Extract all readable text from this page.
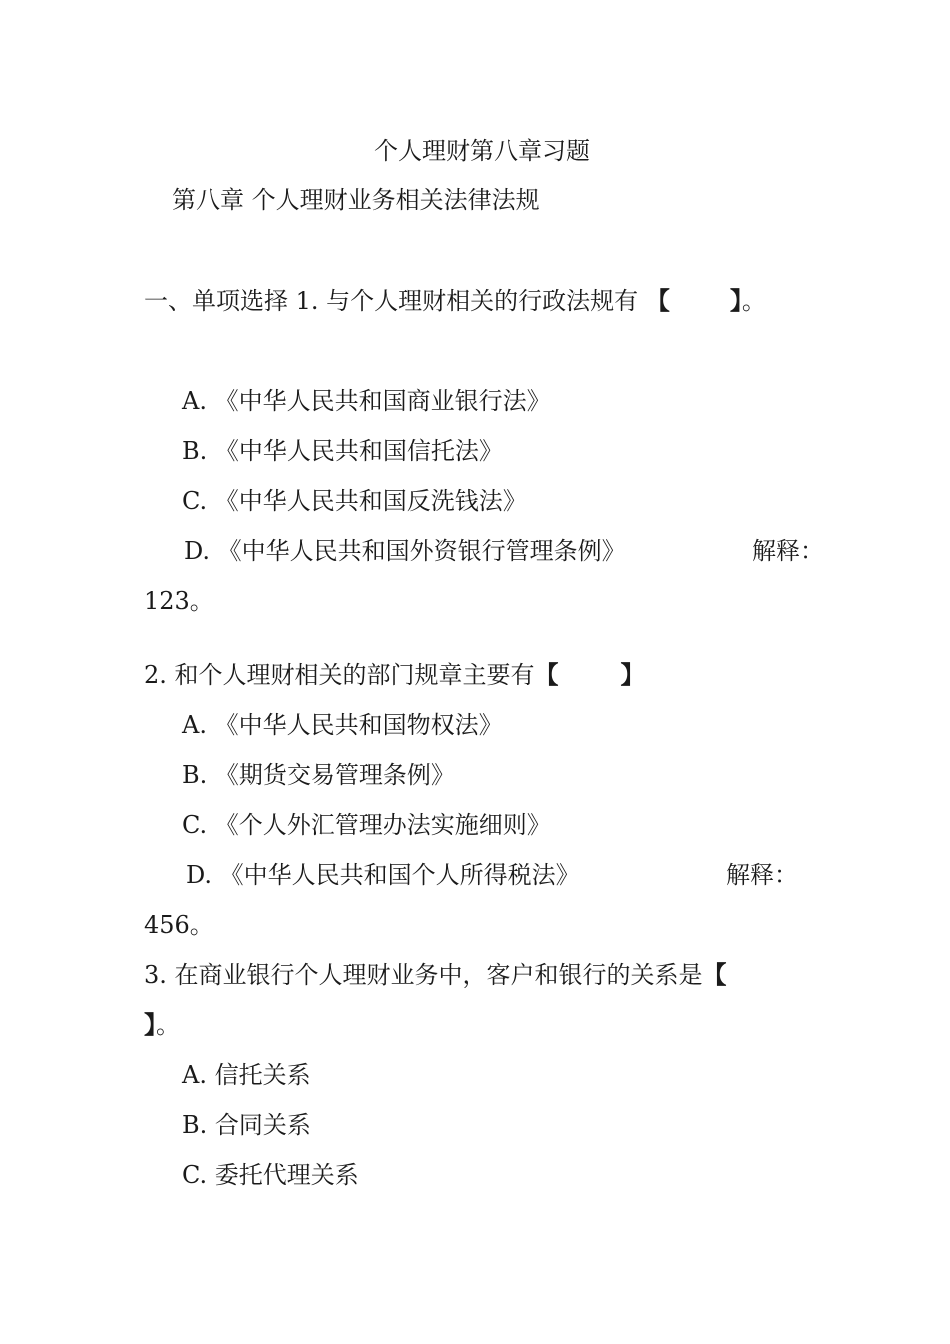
个人理财第八章习题
第八章 个人理财业务相关法律法规
一、单项选择 1. 与个人理财相关的行政法规有 【	】。
A. 《中华人民共和国商业银行法》
B. 《中华人民共和国信托法》
C. 《中华人民共和国反洗钱法》
D. 《中华人民共和国外资银行管理条例》	解释：
123。
2. 和个人理财相关的部门规章主要有【	】
A. 《中华人民共和国物权法》
B. 《期货交易管理条例》
C. 《个人外汇管理办法实施细则》
D. 《中华人民共和国个人所得税法》	解释：
456。
3. 在商业银行个人理财业务中，客户和银行的关系是【
】。
A. 信托关系
B. 合同关系
C. 委托代理关系
